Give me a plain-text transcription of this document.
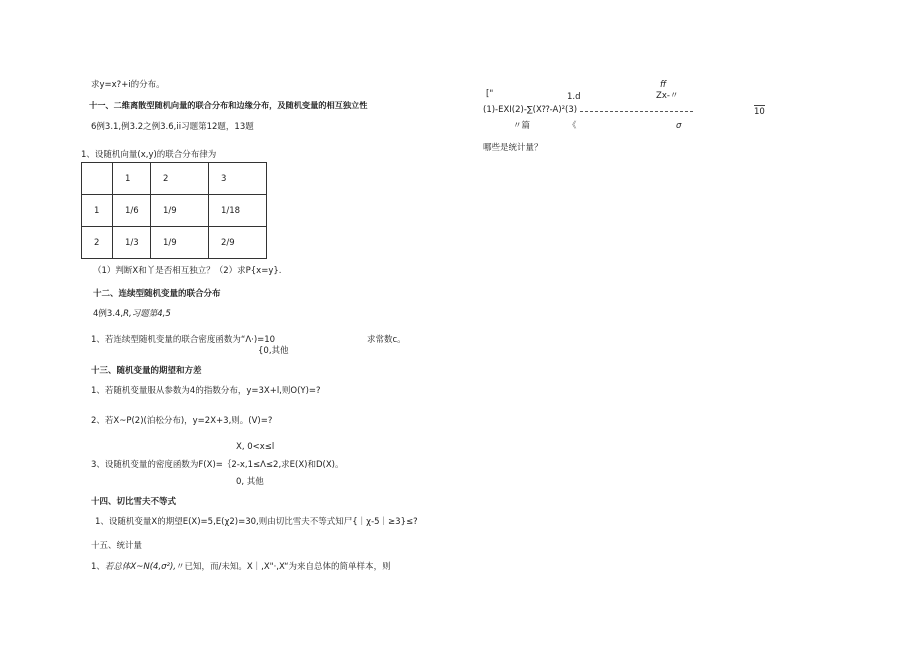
求y=x?+i的分布。
十一、二维离散型随机向量的联合分布和边缘分布，及随机变量的相互独立性
6例3.1,例3.2之例3.6,ii习题第12题，13题
1、设随机向量(x,y)的联合分布律为
	1	2	3
1	1/6	1/9	1/18
2	1/3	1/9	2/9
（1）判断X和丫是否相互独立？（2）求P{x=y}.
十二、连续型随机变量的联合分布
4例3.4,R,习题第4,5
1、若连续型随机变量的联合密度函数为“Λ·)=10	求常数c。
{0,其他
十三、随机变量的期望和方差
1、若随机变量服从参数为4的指数分布，y=3X+l,则O(Y)=?
2、若X~P(2)(泊松分布)，y=2X+3,则。(V)=?
X, 0<x≤l
3、设随机变量的密度函数为F(X)=｛2-x,1≤Λ≤2,求E(X)和D(X)。
0, 其他
十四、切比雪夫不等式
1、设随机变量X的期望E(X)=5,E(χ2)=30,则由切比雪夫不等式知尸{｜χ-5｜≥3}≤?
十五、统计量
1、若总体X~N(4,σ²),〃已知，而/未知。X｜,X"·,X“为来自总体的简单样本，则
ff
["	1.d	Zx-〃
(1)-EXI(2)-∑(X⁇-A)²(3)	10
〃篇	《	σ
哪些是统计量？
